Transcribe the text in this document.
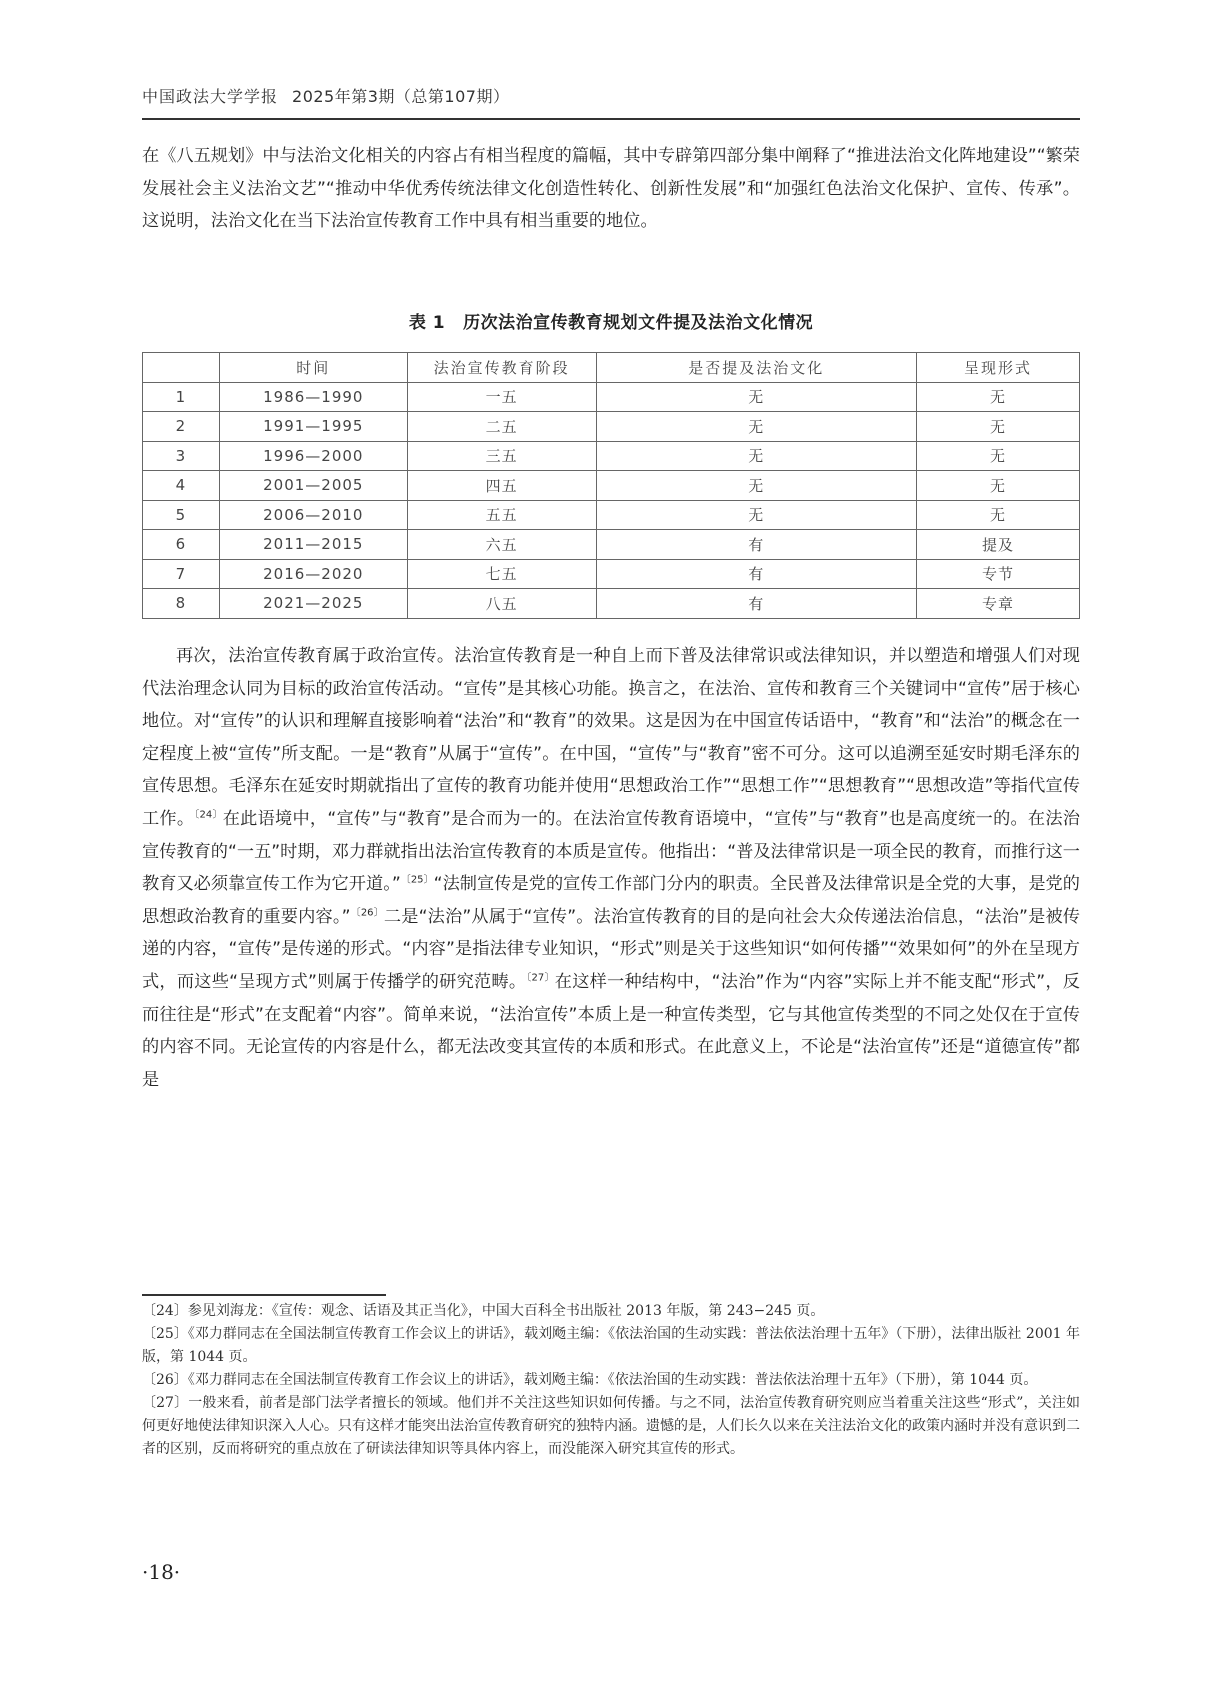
中国政法大学学报 2025年第3期（总第107期）

在《八五规划》中与法治文化相关的内容占有相当程度的篇幅，其中专辟第四部分集中阐释了“推进法治文化阵地建设”“繁荣发展社会主义法治文艺”“推动中华优秀传统法律文化创造性转化、创新性发展”和“加强红色法治文化保护、宣传、传承”。这说明，法治文化在当下法治宣传教育工作中具有相当重要的地位。

表 1 历次法治宣传教育规划文件提及法治文化情况
	时间	法治宣传教育阶段	是否提及法治文化	呈现形式
1	1986—1990	一五	无	无
2	1991—1995	二五	无	无
3	1996—2000	三五	无	无
4	2001—2005	四五	无	无
5	2006—2010	五五	无	无
6	2011—2015	六五	有	提及
7	2016—2020	七五	有	专节
8	2021—2025	八五	有	专章

再次，法治宣传教育属于政治宣传。法治宣传教育是一种自上而下普及法律常识或法律知识，并以塑造和增强人们对现代法治理念认同为目标的政治宣传活动。“宣传”是其核心功能。换言之，在法治、宣传和教育三个关键词中“宣传”居于核心地位。对“宣传”的认识和理解直接影响着“法治”和“教育”的效果。这是因为在中国宣传话语中，“教育”和“法治”的概念在一定程度上被“宣传”所支配。一是“教育”从属于“宣传”。在中国，“宣传”与“教育”密不可分。这可以追溯至延安时期毛泽东的宣传思想。毛泽东在延安时期就指出了宣传的教育功能并使用“思想政治工作”“思想工作”“思想教育”“思想改造”等指代宣传工作。$^{〔24〕}$在此语境中，“宣传”与“教育”是合而为一的。在法治宣传教育语境中，“宣传”与“教育”也是高度统一的。在法治宣传教育的“一五”时期，邓力群就指出法治宣传教育的本质是宣传。他指出：“普及法律常识是一项全民的教育，而推行这一教育又必须靠宣传工作为它开道。”$^{〔25〕}$“法制宣传是党的宣传工作部门分内的职责。全民普及法律常识是全党的大事，是党的思想政治教育的重要内容。”$^{〔26〕}$二是“法治”从属于“宣传”。法治宣传教育的目的是向社会大众传递法治信息，“法治”是被传递的内容，“宣传”是传递的形式。“内容”是指法律专业知识，“形式”则是关于这些知识“如何传播”“效果如何”的外在呈现方式，而这些“呈现方式”则属于传播学的研究范畴。$^{〔27〕}$在这样一种结构中，“法治”作为“内容”实际上并不能支配“形式”，反而往往是“形式”在支配着“内容”。简单来说，“法治宣传”本质上是一种宣传类型，它与其他宣传类型的不同之处仅在于宣传的内容不同。无论宣传的内容是什么，都无法改变其宣传的本质和形式。在此意义上，不论是“法治宣传”还是“道德宣传”都是

〔24〕参见刘海龙：《宣传：观念、话语及其正当化》，中国大百科全书出版社 2013 年版，第 243−245 页。

〔25〕《邓力群同志在全国法制宣传教育工作会议上的讲话》，载刘飏主编：《依法治国的生动实践：普法依法治理十五年》（下册），法律出版社 2001 年版，第 1044 页。

〔26〕《邓力群同志在全国法制宣传教育工作会议上的讲话》，载刘飏主编：《依法治国的生动实践：普法依法治理十五年》（下册），第 1044 页。

〔27〕一般来看，前者是部门法学者擅长的领域。他们并不关注这些知识如何传播。与之不同，法治宣传教育研究则应当着重关注这些“形式”，关注如何更好地使法律知识深入人心。只有这样才能突出法治宣传教育研究的独特内涵。遗憾的是，人们长久以来在关注法治文化的政策内涵时并没有意识到二者的区别，反而将研究的重点放在了研读法律知识等具体内容上，而没能深入研究其宣传的形式。

·18·
